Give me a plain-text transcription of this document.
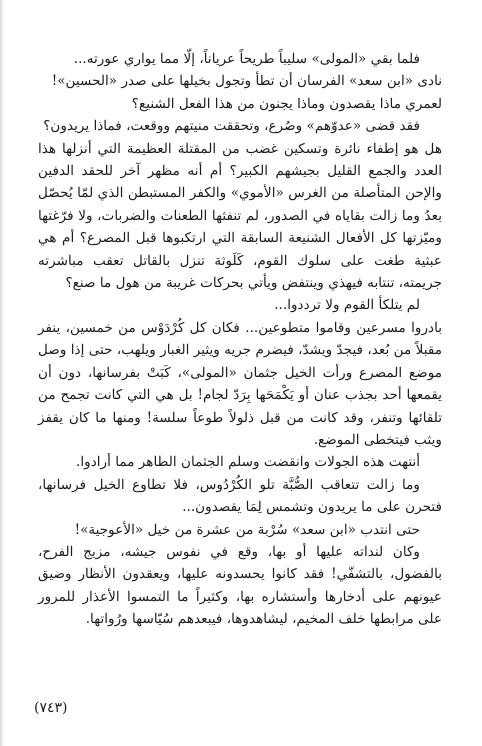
فلما بقي «المولى» سليباً طريحاً عرياناً، إلّا مما يواري عورته...

نادى «ابن سعد» الفرسان أن تطأ وتجول بخيلها على صدر «الحسين»!

لعمري ماذا يقصدون وماذا يجنون من هذا الفعل الشنيع؟

فقد قضى «عدوّهم» وصُرع، وتحققت منيتهم ووقعت، فماذا يريدون؟

هل هو إطفاء نائرة وتسكين غضب من المقتلة العظيمة التي أنزلها هذا العدد والجمع القليل بجيشهم الكبير؟ أم أنه مظهر آخر للحقد الدفين والإحن المتأصلة من الغرس «الأموي» والكفر المستبطن الذي لمّا يُحصّل بعدُ وما زالت بقاياه في الصدور، لم تنفثها الطعنات والضربات، ولا فرّغتها وميّزتها كل الأفعال الشنيعة السابقة التي ارتكبوها قبل المصرع؟ أم هي عبثية طغت على سلوك القوم، كَلَوثة تنزل بالقاتل تعقب مباشرته جريمته، تنتابه فيهذي وينتفض ويأتي بحركات غريبة من هول ما صنع؟

لم يتلكأ القوم ولا ترددوا...

بادروا مسرعين وقاموا متطوعين... فكان كل كُرْدَوْس من خمسين، ينفر مقبلاً من بُعد، فيجدّ ويشدّ، فيضرم جريه ويثير الغبار ويلهب، حتى إذا وصل موضع المصرع ورأت الخيل جثمان «المولى»، كَبَتْ بفرسانها، دون أن يقمعها أحد بجذب عنان أو يَكْمَحَها بِرَدّ لجام! بل هي التي كانت تجمح من تلقائها وتنفر، وقد كانت من قبل ذلولاً طوعاً سلسة! ومنها ما كان يقفز ويثب فيتخطى الموضع.

أنتهت هذه الجولات وانقضت وسلم الجثمان الطاهر مما أرادوا.

وما زالت تتعاقب الصُّبَّة تلو الكُرْدُوس، فلا تطاوع الخيل فرسانها، فتحرن على ما يريدون وتشمس لِمَا يقصدون...

حتى انتدب «ابن سعد» سُرْبة من عشرة من خيل «الأعوجية»!

وكان لنداته عليها أو بها، وقع في نفوس جيشه، مزيج الفرح، بالفضول، بالتشفّي! فقد كانوا يحسدونه عليها، ويعقدون الأنظار وضيق عيونهم على أدخارها وأستشاره بها، وكثيراً ما التمسوا الأعذار للمرور على مرابطها خلف المخيم، ليشاهدوها، فيبعدهم سُيّاسها ورُواتها.

(٧٤٣)
